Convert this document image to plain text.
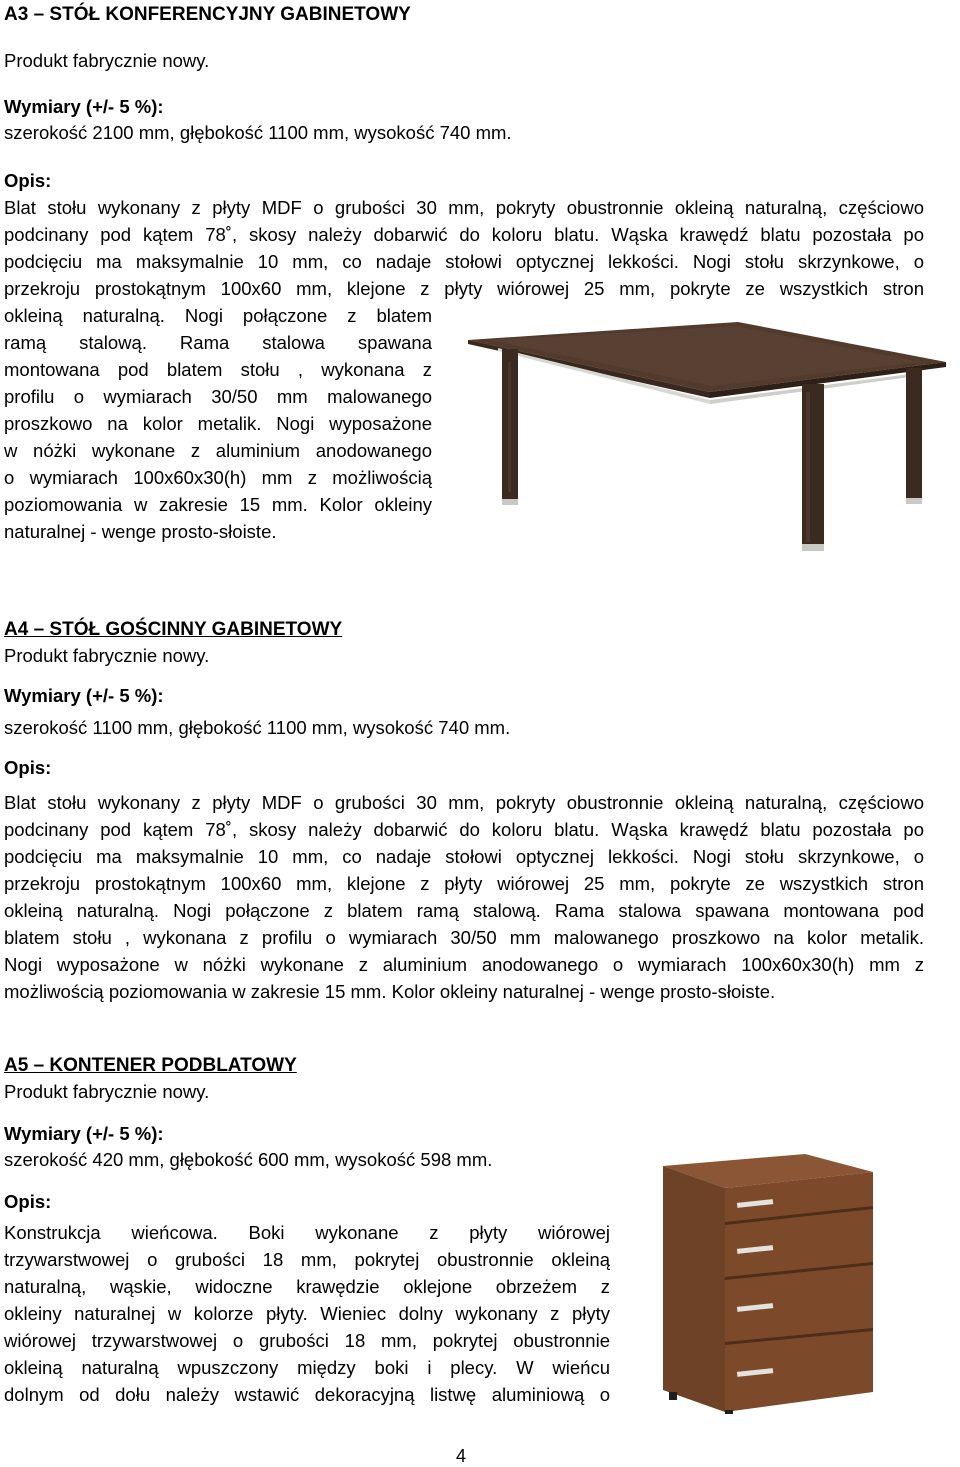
A3 – STÓŁ KONFERENCYJNY GABINETOWY

Produkt fabrycznie nowy.

Wymiary (+/- 5 %):

szerokość 2100 mm, głębokość 1100 mm, wysokość 740 mm.

Opis:

Blat stołu wykonany z płyty MDF o grubości 30 mm, pokryty obustronnie okleiną naturalną, częściowo
podcinany pod kątem 78˚, skosy należy dobarwić do koloru blatu. Wąska krawędź blatu pozostała po
podcięciu ma maksymalnie 10 mm, co nadaje stołowi optycznej lekkości. Nogi stołu skrzynkowe, o
przekroju prostokątnym 100x60 mm, klejone z płyty wiórowej 25 mm, pokryte ze wszystkich stron
okleiną naturalną. Nogi połączone z blatem
ramą stalową. Rama stalowa spawana
montowana pod blatem stołu , wykonana z
profilu o wymiarach 30/50 mm malowanego
proszkowo na kolor metalik. Nogi wyposażone
w nóżki wykonane z aluminium anodowanego
o wymiarach 100x60x30(h) mm z możliwością
poziomowania w zakresie 15 mm. Kolor okleiny
naturalnej - wenge prosto-słoiste.

A4 – STÓŁ GOŚCINNY GABINETOWY

Produkt fabrycznie nowy.

Wymiary (+/- 5 %):

szerokość 1100 mm, głębokość 1100 mm, wysokość 740 mm.

Opis:

Blat stołu wykonany z płyty MDF o grubości 30 mm, pokryty obustronnie okleiną naturalną, częściowo
podcinany pod kątem 78˚, skosy należy dobarwić do koloru blatu. Wąska krawędź blatu pozostała po
podcięciu ma maksymalnie 10 mm, co nadaje stołowi optycznej lekkości. Nogi stołu skrzynkowe, o
przekroju prostokątnym 100x60 mm, klejone z płyty wiórowej 25 mm, pokryte ze wszystkich stron
okleiną naturalną. Nogi połączone z blatem ramą stalową. Rama stalowa spawana montowana pod
blatem stołu , wykonana z profilu o wymiarach 30/50 mm malowanego proszkowo na kolor metalik.
Nogi wyposażone w nóżki wykonane z aluminium anodowanego o wymiarach 100x60x30(h) mm z
możliwością poziomowania w zakresie 15 mm. Kolor okleiny naturalnej - wenge prosto-słoiste.

A5 – KONTENER PODBLATOWY

Produkt fabrycznie nowy.

Wymiary (+/- 5 %):

szerokość 420 mm, głębokość 600 mm, wysokość 598 mm.

Opis:

Konstrukcja wieńcowa. Boki wykonane z płyty wiórowej
trzywarstwowej o grubości 18 mm, pokrytej obustronnie okleiną
naturalną, wąskie, widoczne krawędzie oklejone obrzeżem z
okleiny naturalnej w kolorze płyty. Wieniec dolny wykonany z płyty
wiórowej trzywarstwowej o grubości 18 mm, pokrytej obustronnie
okleiną naturalną wpuszczony między boki i plecy. W wieńcu
dolnym od dołu należy wstawić dekoracyjną listwę aluminiową o
4
